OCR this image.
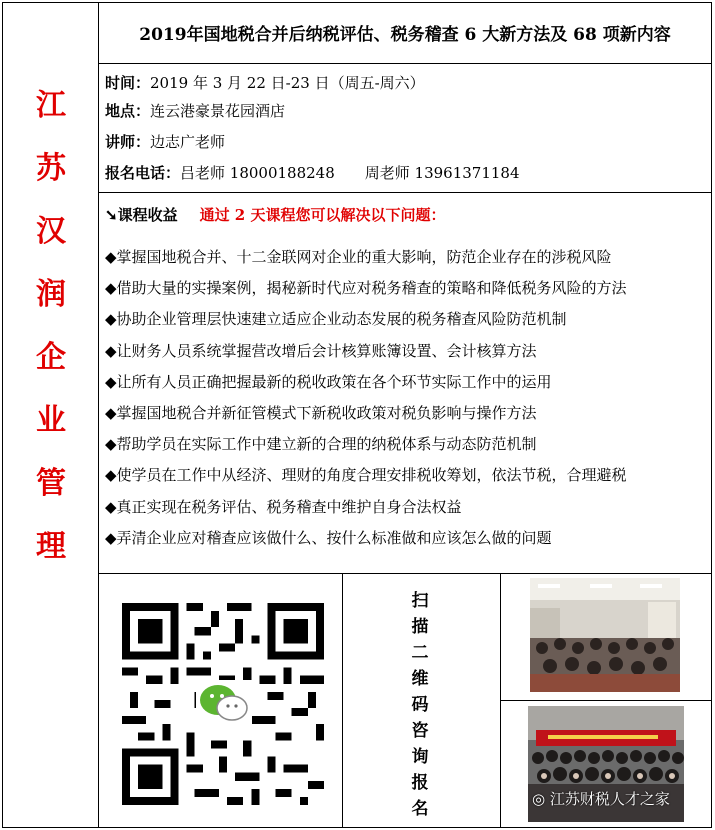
江
苏
汉
润
企
业
管
理
2019年国地税合并后纳税评估、税务稽查 6 大新方法及 68 项新内容
时间：2019 年 3 月 22 日-23 日（周五-周六）
地点：连云港豪景花园酒店
讲师：边志广老师
报名电话：吕老师 18000188248　　周老师 13961371184
➘课程收益 通过 2 天课程您可以解决以下问题：
◆掌握国地税合并、十二金联网对企业的重大影响，防范企业存在的涉税风险
◆借助大量的实操案例，揭秘新时代应对税务稽查的策略和降低税务风险的方法
◆协助企业管理层快速建立适应企业动态发展的税务稽查风险防范机制
◆让财务人员系统掌握营改增后会计核算账簿设置、会计核算方法
◆让所有人员正确把握最新的税收政策在各个环节实际工作中的运用
◆掌握国地税合并新征管模式下新税收政策对税负影响与操作方法
◆帮助学员在实际工作中建立新的合理的纳税体系与动态防范机制
◆使学员在工作中从经济、理财的角度合理安排税收筹划，依法节税，合理避税
◆真正实现在税务评估、税务稽查中维护自身合法权益
◆弄清企业应对稽查应该做什么、按什么标准做和应该怎么做的问题
扫
描
二
维
码
咨
询
报
名	◎ 江苏财税人才之家
